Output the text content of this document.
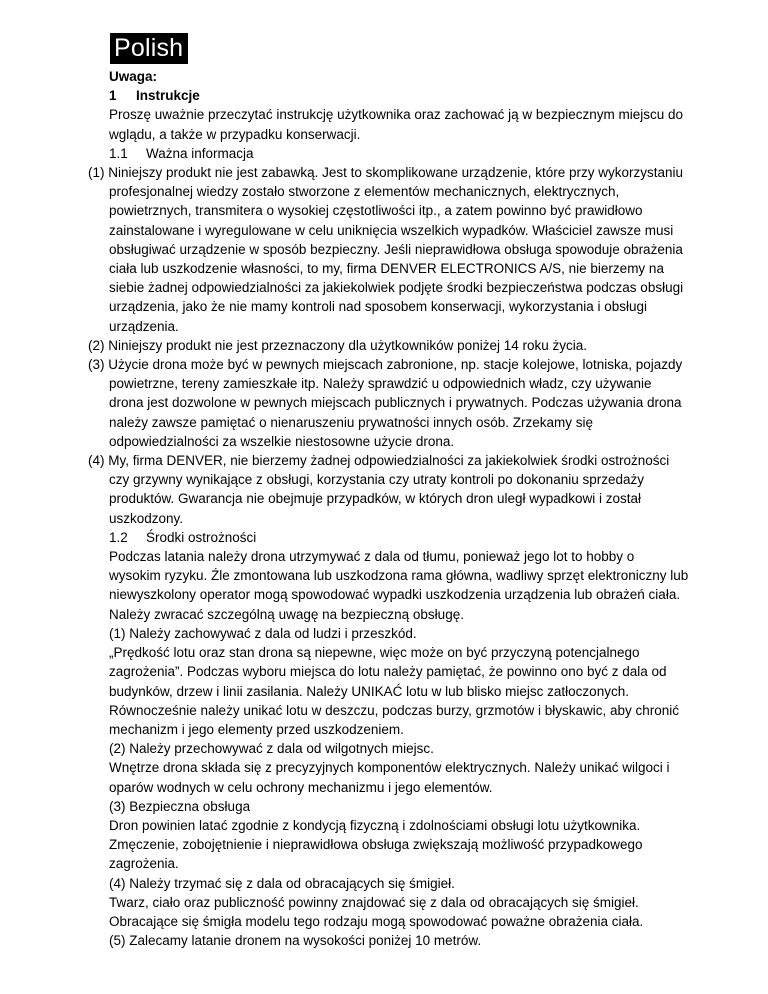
Polish

Uwaga:

1	Instrukcje

Proszę uważnie przeczytać instrukcję użytkownika oraz zachować ją w bezpiecznym miejscu do wglądu, a także w przypadku konserwacji.

1.1	Ważna informacja

(1) Niniejszy produkt nie jest zabawką. Jest to skomplikowane urządzenie, które przy wykorzystaniu profesjonalnej wiedzy zostało stworzone z elementów mechanicznych, elektrycznych, powietrznych, transmitera o wysokiej częstotliwości itp., a zatem powinno być prawidłowo zainstalowane i wyregulowane w celu uniknięcia wszelkich wypadków. Właściciel zawsze musi obsługiwać urządzenie w sposób bezpieczny. Jeśli nieprawidłowa obsługa spowoduje obrażenia ciała lub uszkodzenie własności, to my, firma DENVER ELECTRONICS A/S, nie bierzemy na siebie żadnej odpowiedzialności za jakiekolwiek podjęte środki bezpieczeństwa podczas obsługi urządzenia, jako że nie mamy kontroli nad sposobem konserwacji, wykorzystania i obsługi urządzenia.

(2) Niniejszy produkt nie jest przeznaczony dla użytkowników poniżej 14 roku życia.

(3) Użycie drona może być w pewnych miejscach zabronione, np. stacje kolejowe, lotniska, pojazdy powietrzne, tereny zamieszkałe itp. Należy sprawdzić u odpowiednich władz, czy używanie drona jest dozwolone w pewnych miejscach publicznych i prywatnych. Podczas używania drona należy zawsze pamiętać o nienaruszeniu prywatności innych osób. Zrzekamy się odpowiedzialności za wszelkie niestosowne użycie drona.

(4) My, firma DENVER, nie bierzemy żadnej odpowiedzialności za jakiekolwiek środki ostrożności czy grzywny wynikające z obsługi, korzystania czy utraty kontroli po dokonaniu sprzedaży produktów. Gwarancja nie obejmuje przypadków, w których dron uległ wypadkowi i został uszkodzony.

1.2	Środki ostrożności

Podczas latania należy drona utrzymywać z dala od tłumu, ponieważ jego lot to hobby o wysokim ryzyku. Źle zmontowana lub uszkodzona rama główna, wadliwy sprzęt elektroniczny lub niewyszkolony operator mogą spowodować wypadki uszkodzenia urządzenia lub obrażeń ciała. Należy zwracać szczególną uwagę na bezpieczną obsługę.

(1) Należy zachowywać z dala od ludzi i przeszkód.

„Prędkość lotu oraz stan drona są niepewne, więc może on być przyczyną potencjalnego zagrożenia”. Podczas wyboru miejsca do lotu należy pamiętać, że powinno ono być z dala od budynków, drzew i linii zasilania. Należy UNIKAĆ lotu w lub blisko miejsc zatłoczonych. Równocześnie należy unikać lotu w deszczu, podczas burzy, grzmotów i błyskawic, aby chronić mechanizm i jego elementy przed uszkodzeniem.

(2) Należy przechowywać z dala od wilgotnych miejsc.

Wnętrze drona składa się z precyzyjnych komponentów elektrycznych. Należy unikać wilgoci i oparów wodnych w celu ochrony mechanizmu i jego elementów.

(3) Bezpieczna obsługa

Dron powinien latać zgodnie z kondycją fizyczną i zdolnościami obsługi lotu użytkownika. Zmęczenie, zobojętnienie i nieprawidłowa obsługa zwiększają możliwość przypadkowego zagrożenia.

(4) Należy trzymać się z dala od obracających się śmigieł.

Twarz, ciało oraz publiczność powinny znajdować się z dala od obracających się śmigieł. Obracające się śmigła modelu tego rodzaju mogą spowodować poważne obrażenia ciała.

(5) Zalecamy latanie dronem na wysokości poniżej 10 metrów.
